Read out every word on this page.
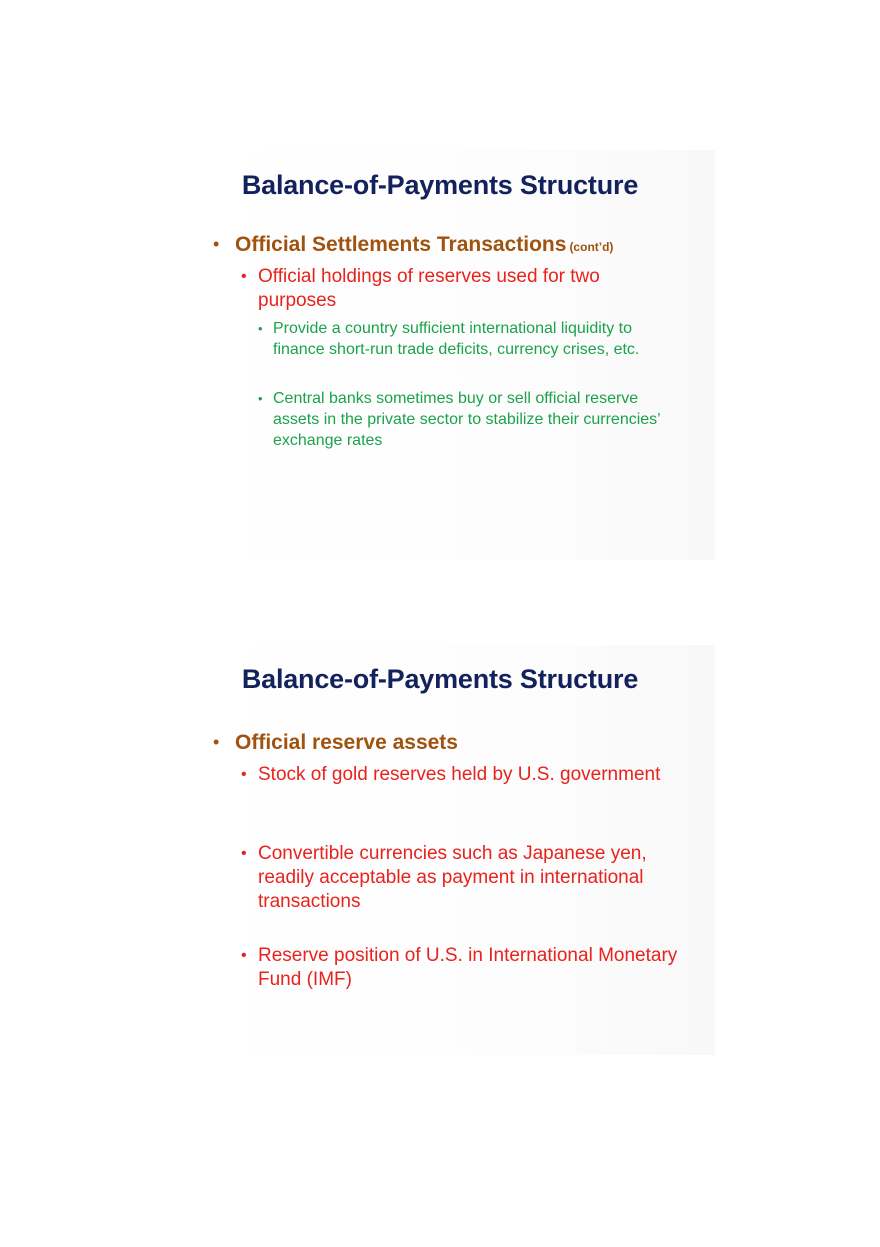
Balance-of-Payments Structure
• Official Settlements Transactions (cont’d)
• Official holdings of reserves used for two purposes
• Provide a country sufficient international liquidity to finance short-run trade deficits, currency crises, etc.
• Central banks sometimes buy or sell official reserve assets in the private sector to stabilize their currencies’ exchange rates
Balance-of-Payments Structure
• Official reserve assets
• Stock of gold reserves held by U.S. government
• Convertible currencies such as Japanese yen, readily acceptable as payment in international transactions
• Reserve position of U.S. in International Monetary Fund (IMF)
